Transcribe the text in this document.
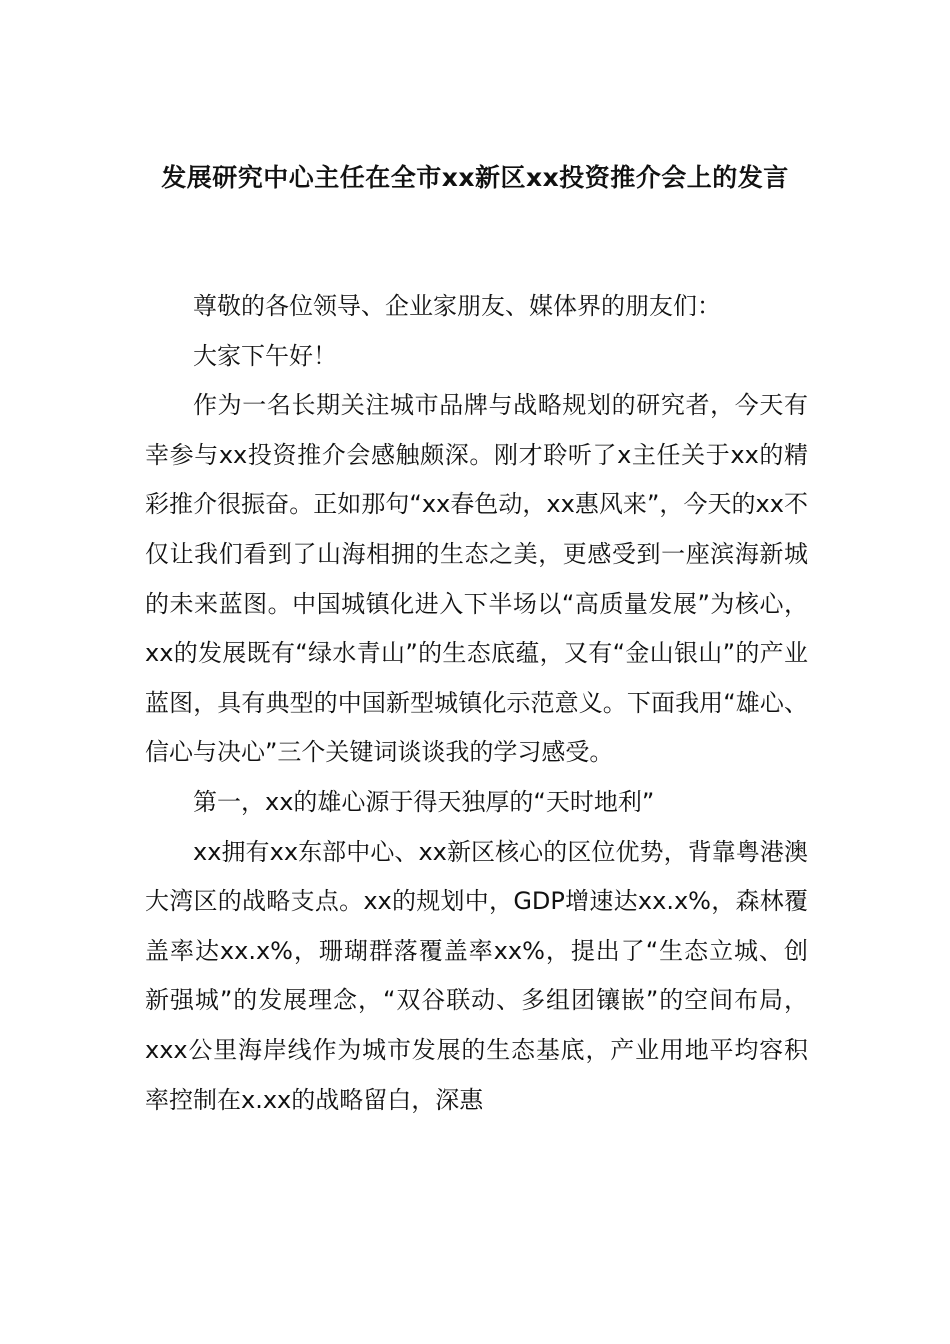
发展研究中心主任在全市xx新区xx投资推介会上的发言

尊敬的各位领导、企业家朋友、媒体界的朋友们：

大家下午好！

作为一名长期关注城市品牌与战略规划的研究者，今天有幸参与xx投资推介会感触颇深。刚才聆听了x主任关于xx的精彩推介很振奋。正如那句“xx春色动，xx惠风来”，今天的xx不仅让我们看到了山海相拥的生态之美，更感受到一座滨海新城的未来蓝图。中国城镇化进入下半场以“高质量发展”为核心，xx的发展既有“绿水青山”的生态底蕴，又有“金山银山”的产业蓝图，具有典型的中国新型城镇化示范意义。下面我用“雄心、信心与决心”三个关键词谈谈我的学习感受。

第一，xx的雄心源于得天独厚的“天时地利”

xx拥有xx东部中心、xx新区核心的区位优势，背靠粤港澳大湾区的战略支点。xx的规划中，GDP增速达xx.x%，森林覆盖率达xx.x%，珊瑚群落覆盖率xx%，提出了“生态立城、创新强城”的发展理念，“双谷联动、多组团镶嵌”的空间布局，xxx公里海岸线作为城市发展的生态基底，产业用地平均容积率控制在x.xx的战略留白，深惠
